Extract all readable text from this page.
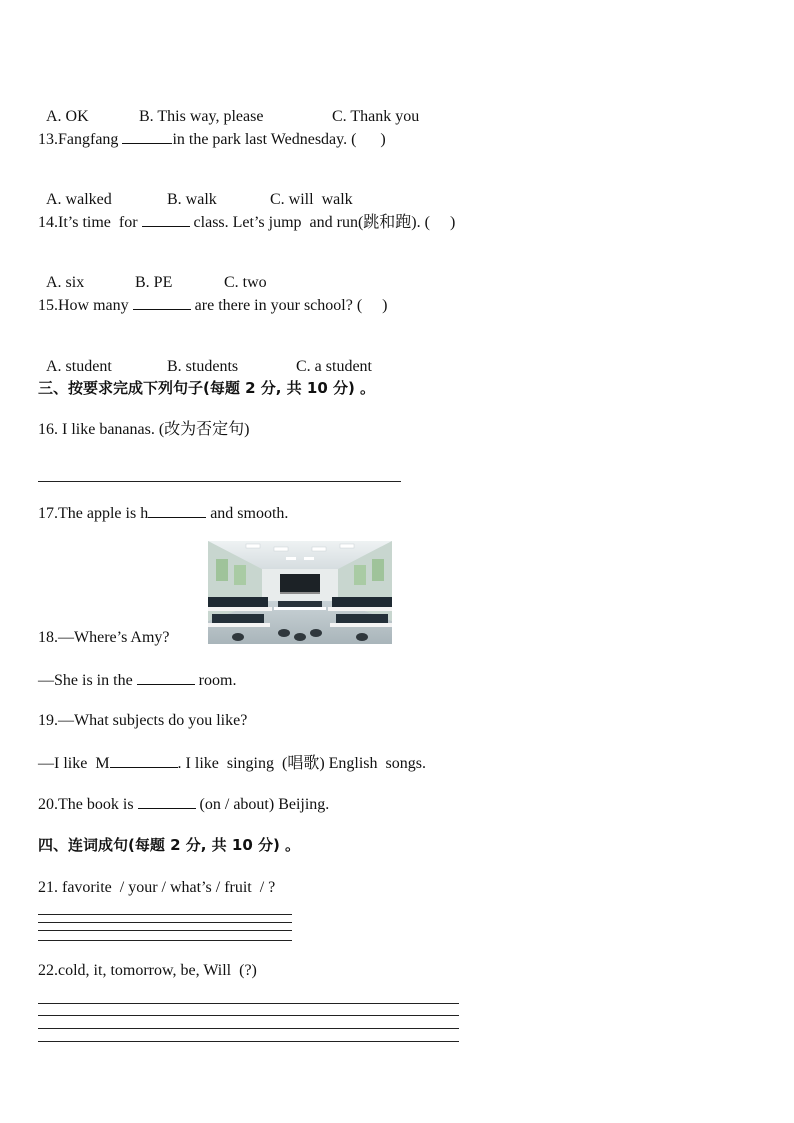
A. OK	B. This way, please	C. Thank you

13.Fangfang	in the park last Wednesday. (      )

A. walked	B. walk	C. will  walk

14.It’s time  for	class. Let’s jump  and run(跳和跑). (     )

A. six	B. PE	C. two

15.How many	are there in your school? (     )

A. student	B. students	C. a student

三、按要求完成下列句子(每题 2 分, 共 10 分) 。
16. I like bananas. (改为否定句)
17.The apple is h	and smooth.
18.—Where’s Amy?
—She is in the	room.
19.—What subjects do you like?
—I like  M	. I like  singing  (唱歌) English  songs.
20.The book is	(on / about) Beijing.
四、连词成句(每题 2 分, 共 10 分) 。
21. favorite  / your / what’s / fruit  / ?
22.cold, it, tomorrow, be, Will  (?)
